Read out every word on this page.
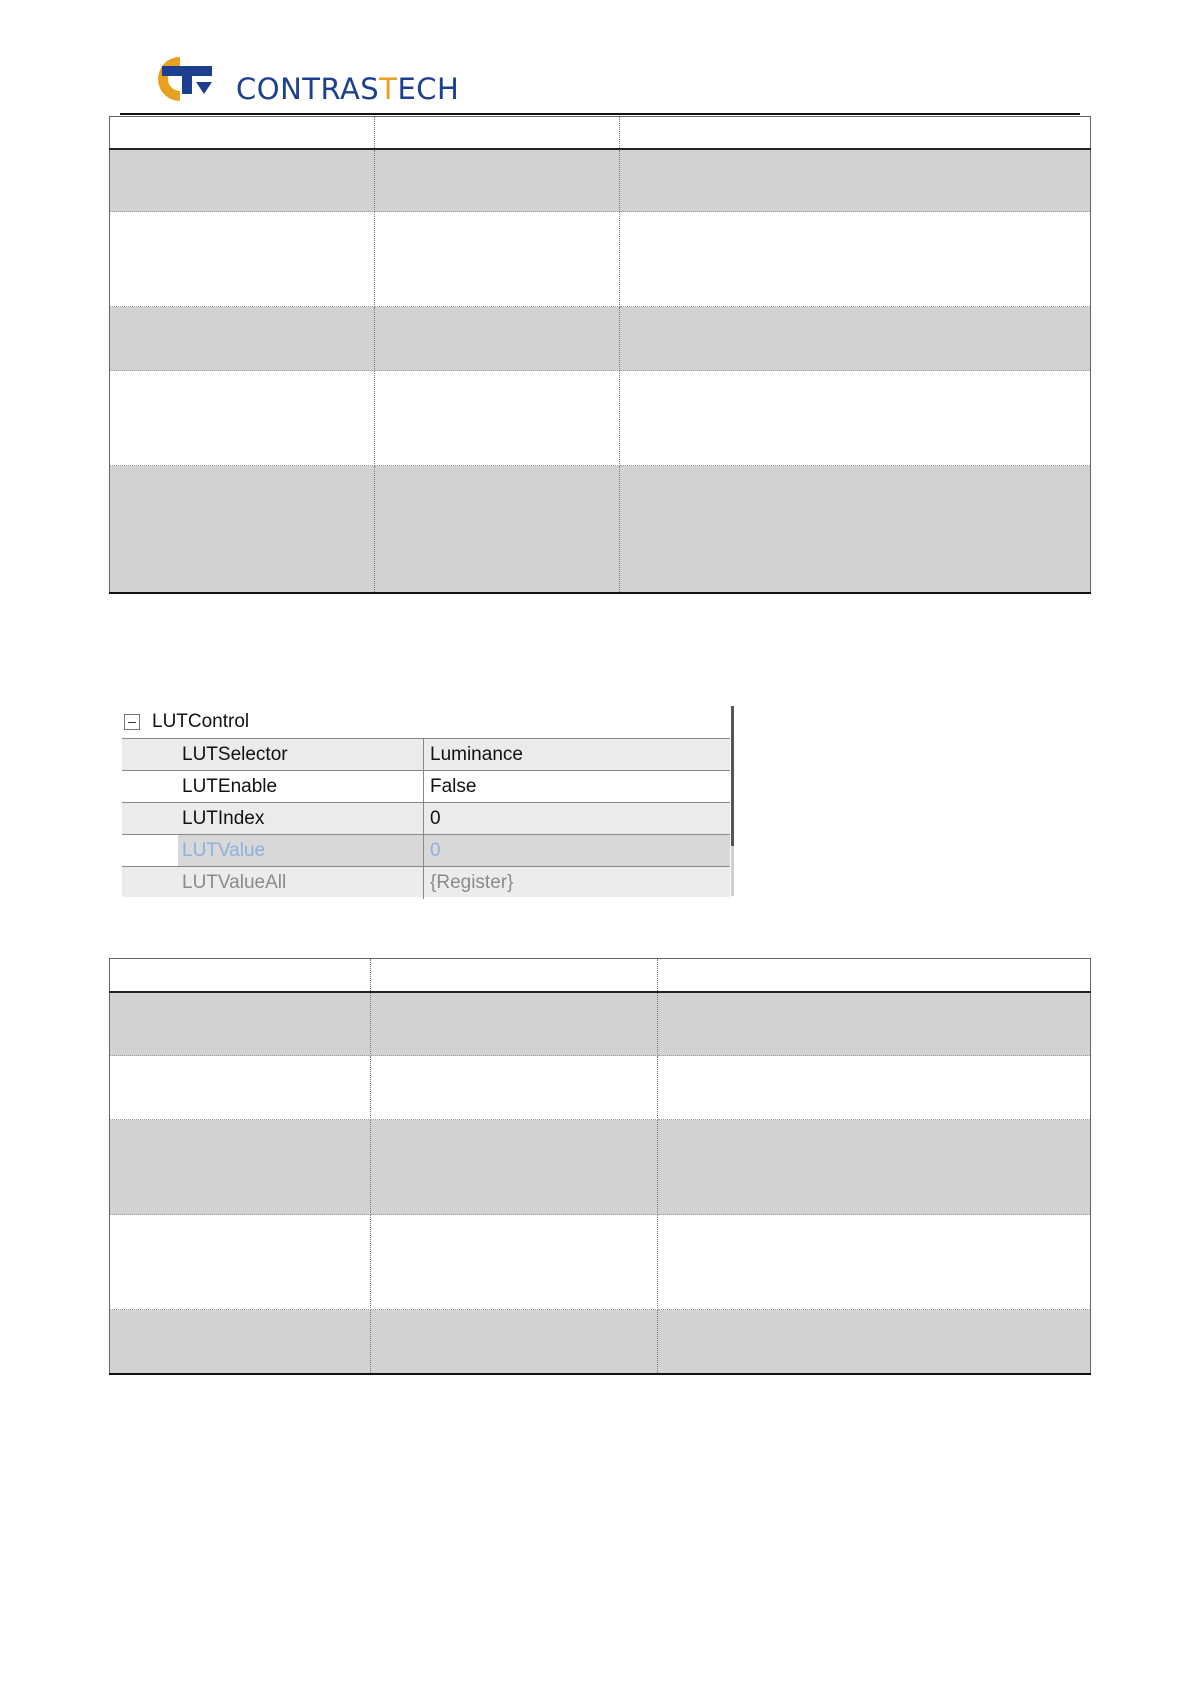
CONTRASTECH

LUTControl
LUTSelector	Luminance
LUTEnable	False
LUTIndex	0
LUTValue	0
LUTValueAll	{Register}
